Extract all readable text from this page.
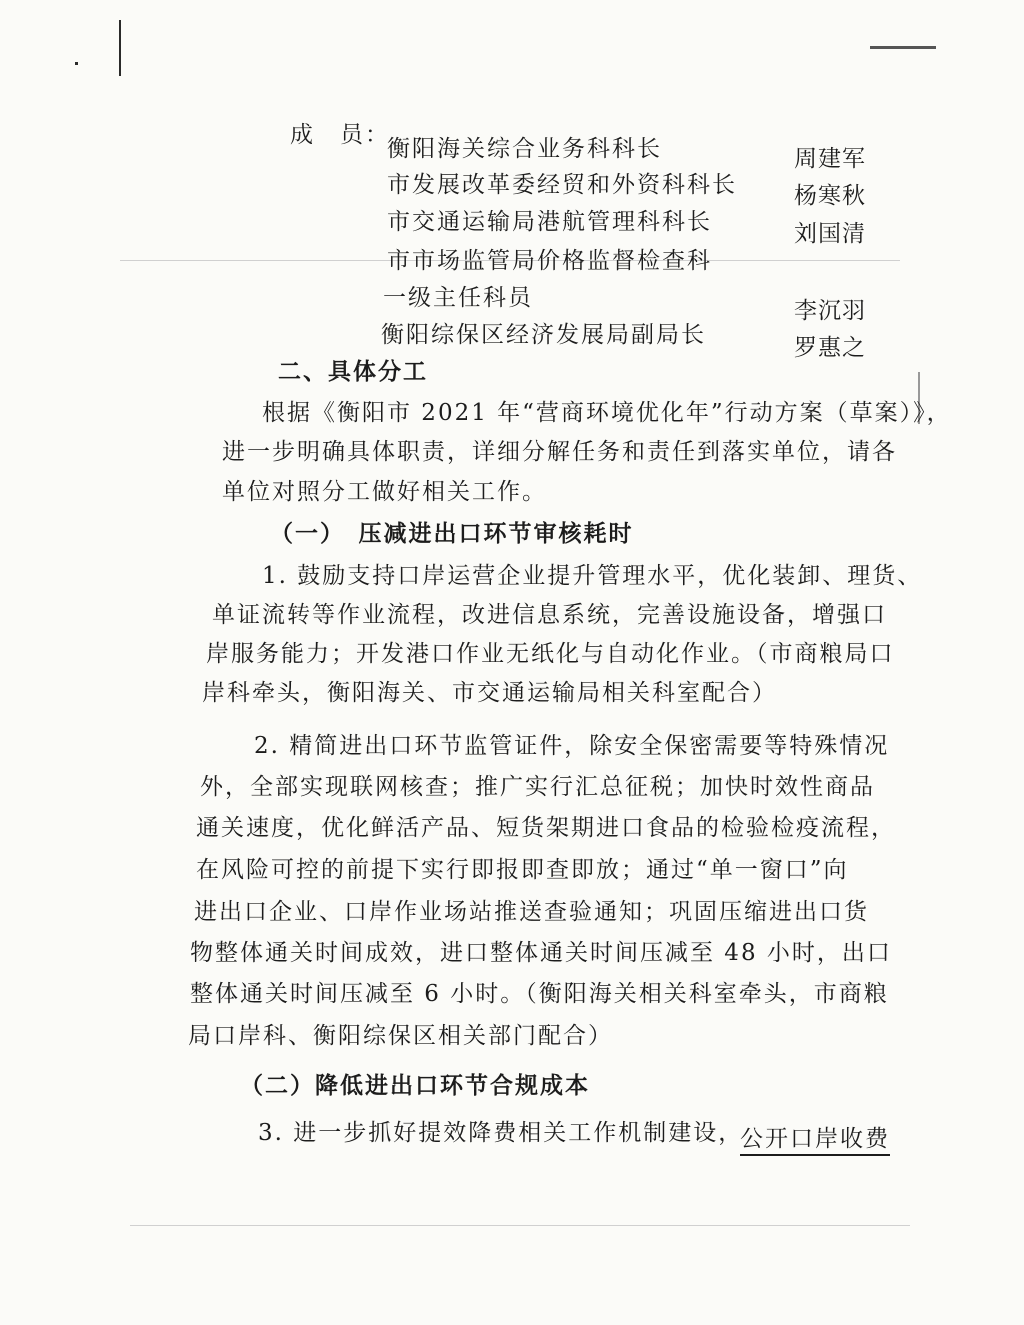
成　员：
衡阳海关综合业务科科长	周建军
市发展改革委经贸和外资科科长 杨寒秋
市交通运输局港航管理科科长	刘国清
市市场监管局价格监督检查科
一级主任科员	李沉羽
衡阳综保区经济发展局副局长	罗惠之
二、具体分工
根据《衡阳市 2021 年“营商环境优化年”行动方案（草案）》，
进一步明确具体职责，详细分解任务和责任到落实单位，请各
单位对照分工做好相关工作。
（一）　压减进出口环节审核耗时
1. 鼓励支持口岸运营企业提升管理水平，优化装卸、理货、
单证流转等作业流程，改进信息系统，完善设施设备，增强口
岸服务能力；开发港口作业无纸化与自动化作业。（市商粮局口
岸科牵头，衡阳海关、市交通运输局相关科室配合）
2. 精简进出口环节监管证件，除安全保密需要等特殊情况
外，全部实现联网核查；推广实行汇总征税；加快时效性商品
通关速度，优化鲜活产品、短货架期进口食品的检验检疫流程，
在风险可控的前提下实行即报即查即放；通过“单一窗口”向
进出口企业、口岸作业场站推送查验通知；巩固压缩进出口货
物整体通关时间成效，进口整体通关时间压减至 48 小时，出口
整体通关时间压减至 6 小时。（衡阳海关相关科室牵头，市商粮
局口岸科、衡阳综保区相关部门配合）
（二）降低进出口环节合规成本
3. 进一步抓好提效降费相关工作机制建设，
公开口岸收费
